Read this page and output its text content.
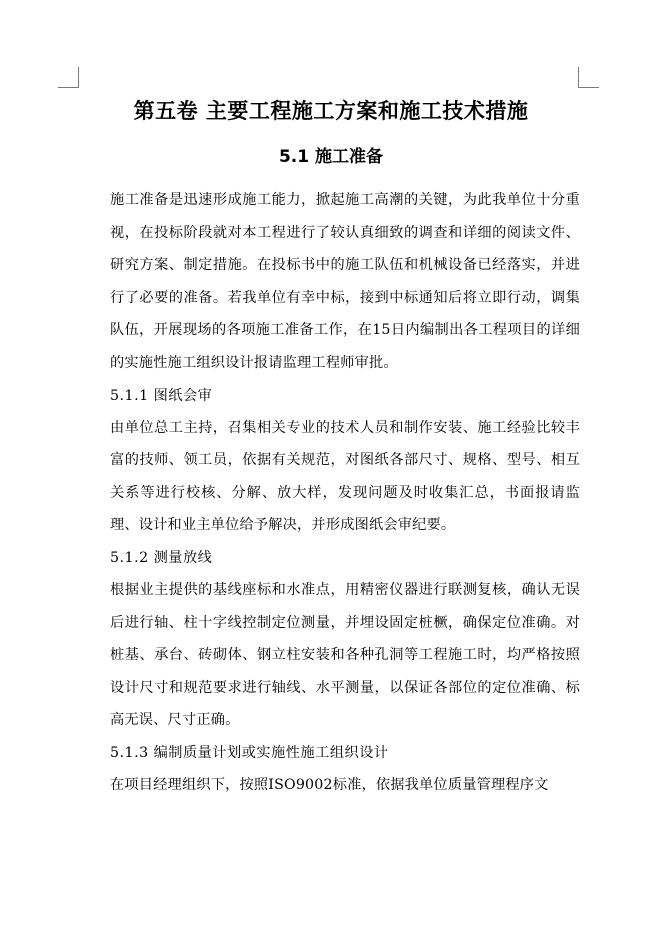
第五卷 主要工程施工方案和施工技术措施
5.1 施工准备

施工准备是迅速形成施工能力，掀起施工高潮的关键，为此我单位十分重视，在投标阶段就对本工程进行了较认真细致的调查和详细的阅读文件、研究方案、制定措施。在投标书中的施工队伍和机械设备已经落实，并进行了必要的准备。若我单位有幸中标，接到中标通知后将立即行动，调集队伍，开展现场的各项施工准备工作，在15日内编制出各工程项目的详细的实施性施工组织设计报请监理工程师审批。

5.1.1 图纸会审

由单位总工主持，召集相关专业的技术人员和制作安装、施工经验比较丰富的技师、领工员，依据有关规范，对图纸各部尺寸、规格、型号、相互关系等进行校核、分解、放大样，发现问题及时收集汇总，书面报请监理、设计和业主单位给予解决，并形成图纸会审纪要。

5.1.2 测量放线

根据业主提供的基线座标和水准点，用精密仪器进行联测复核，确认无误后进行轴、柱十字线控制定位测量，并埋设固定桩橛，确保定位准确。对桩基、承台、砖砌体、钢立柱安装和各种孔洞等工程施工时，均严格按照设计尺寸和规范要求进行轴线、水平测量，以保证各部位的定位准确、标高无误、尺寸正确。

5.1.3 编制质量计划或实施性施工组织设计

在项目经理组织下，按照ISO9002标准，依据我单位质量管理程序文
